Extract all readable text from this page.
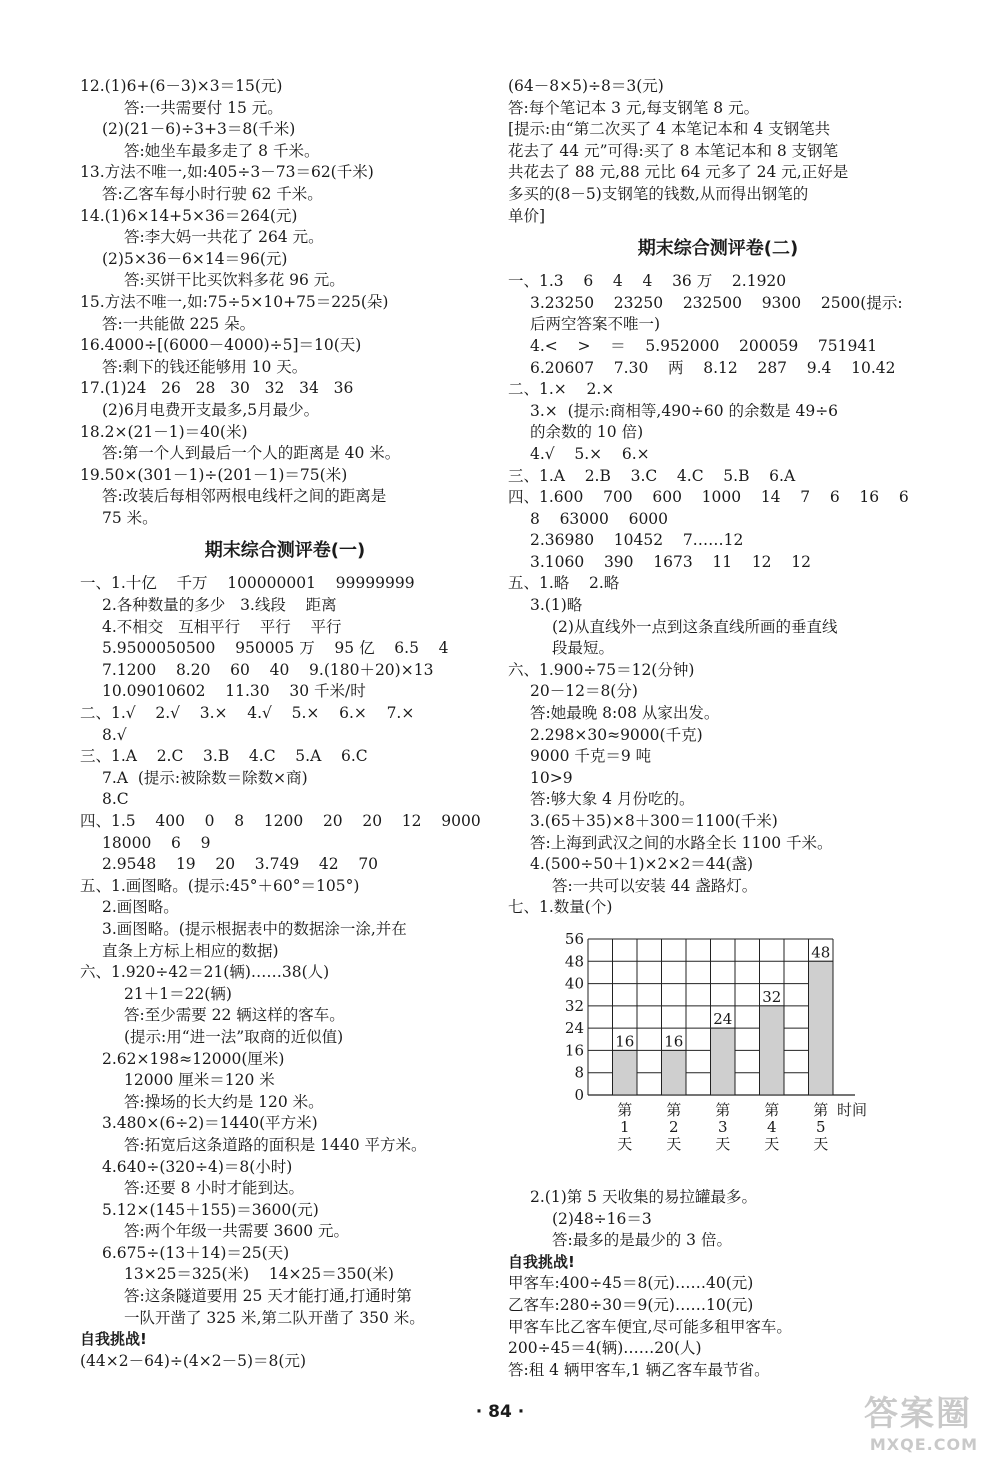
12.(1)6+(6－3)×3＝15(元)
答:一共需要付 15 元。
(2)(21－6)÷3+3＝8(千米)
答:她坐车最多走了 8 千米。
13.方法不唯一,如:405÷3－73＝62(千米)
答:乙客车每小时行驶 62 千米。
14.(1)6×14+5×36＝264(元)
答:李大妈一共花了 264 元。
(2)5×36－6×14＝96(元)
答:买饼干比买饮料多花 96 元。
15.方法不唯一,如:75÷5×10+75＝225(朵)
答:一共能做 225 朵。
16.4000÷[(6000－4000)÷5]＝10(天)
答:剩下的钱还能够用 10 天。
17.(1)24   26   28   30   32   34   36
(2)6月电费开支最多,5月最少。
18.2×(21－1)＝40(米)
答:第一个人到最后一个人的距离是 40 米。
19.50×(301－1)÷(201－1)＝75(米)
答:改装后每相邻两根电线杆之间的距离是
75 米。
期末综合测评卷(一)
一、1.十亿    千万    100000001    99999999
2.各种数量的多少   3.线段    距离
4.不相交   互相平行    平行    平行
5.9500050500    950005 万    95 亿    6.5    4
7.1200    8.20    60    40    9.(180＋20)×13
10.09010602    11.30    30 千米/时
二、1.√    2.√    3.×    4.√    5.×    6.×    7.×
8.√
三、1.A    2.C    3.B    4.C    5.A    6.C
7.A  (提示:被除数＝除数×商)
8.C
四、1.5    400    0    8    1200    20    20    12    9000
18000    6    9
2.9548    19    20    3.749    42    70
五、1.画图略。(提示:45°＋60°＝105°)
2.画图略。
3.画图略。(提示根据表中的数据涂一涂,并在
直条上方标上相应的数据)
六、1.920÷42＝21(辆)……38(人)
21＋1＝22(辆)
答:至少需要 22 辆这样的客车。
(提示:用“进一法”取商的近似值)
2.62×198≈12000(厘米)
12000 厘米＝120 米
答:操场的长大约是 120 米。
3.480×(6÷2)＝1440(平方米)
答:拓宽后这条道路的面积是 1440 平方米。
4.640÷(320÷4)＝8(小时)
答:还要 8 小时才能到达。
5.12×(145＋155)＝3600(元)
答:两个年级一共需要 3600 元。
6.675÷(13＋14)＝25(天)
13×25＝325(米)    14×25＝350(米)
答:这条隧道要用 25 天才能打通,打通时第
一队开凿了 325 米,第二队开凿了 350 米。
自我挑战!
(44×2－64)÷(4×2－5)＝8(元)
(64－8×5)÷8＝3(元)
答:每个笔记本 3 元,每支钢笔 8 元。
[提示:由“第二次买了 4 本笔记本和 4 支钢笔共
花去了 44 元”可得:买了 8 本笔记本和 8 支钢笔
共花去了 88 元,88 元比 64 元多了 24 元,正好是
多买的(8－5)支钢笔的钱数,从而得出钢笔的
单价]
期末综合测评卷(二)
一、1.3    6    4    4    36 万    2.1920
3.23250    23250    232500    9300    2500(提示:
后两空答案不唯一)
4.<    >    ＝    5.952000    200059    751941
6.20607    7.30    两    8.12    287    9.4    10.42
二、1.×    2.×
3.×  (提示:商相等,490÷60 的余数是 49÷6
的余数的 10 倍)
4.√    5.×    6.×
三、1.A    2.B    3.C    4.C    5.B    6.A
四、1.600    700    600    1000    14    7    6    16    6
8    63000    6000
2.36980    10452    7……12
3.1060    390    1673    11    12    12
五、1.略    2.略
3.(1)略
(2)从直线外一点到这条直线所画的垂直线
段最短。
六、1.900÷75＝12(分钟)
20－12＝8(分)
答:她最晚 8:08 从家出发。
2.298×30≈9000(千克)
9000 千克＝9 吨
10>9
答:够大象 4 月份吃的。
3.(65＋35)×8＋300＝1100(千米)
答:上海到武汉之间的水路全长 1100 千米。
4.(500÷50＋1)×2×2＝44(盏)
答:一共可以安装 44 盏路灯。
七、1.数量(个)
0
8
16
24
32
40
48
56
16
第
1
天
16
第
2
天
24
第
3
天
32
第
4
天
48
第
5
天
时间
2.(1)第 5 天收集的易拉罐最多。
(2)48÷16＝3
答:最多的是最少的 3 倍。
自我挑战!
甲客车:400÷45＝8(元)……40(元)
乙客车:280÷30＝9(元)……10(元)
甲客车比乙客车便宜,尽可能多租甲客车。
200÷45＝4(辆)……20(人)
答:租 4 辆甲客车,1 辆乙客车最节省。
· 84 ·	答案圈
MXQE.COM
